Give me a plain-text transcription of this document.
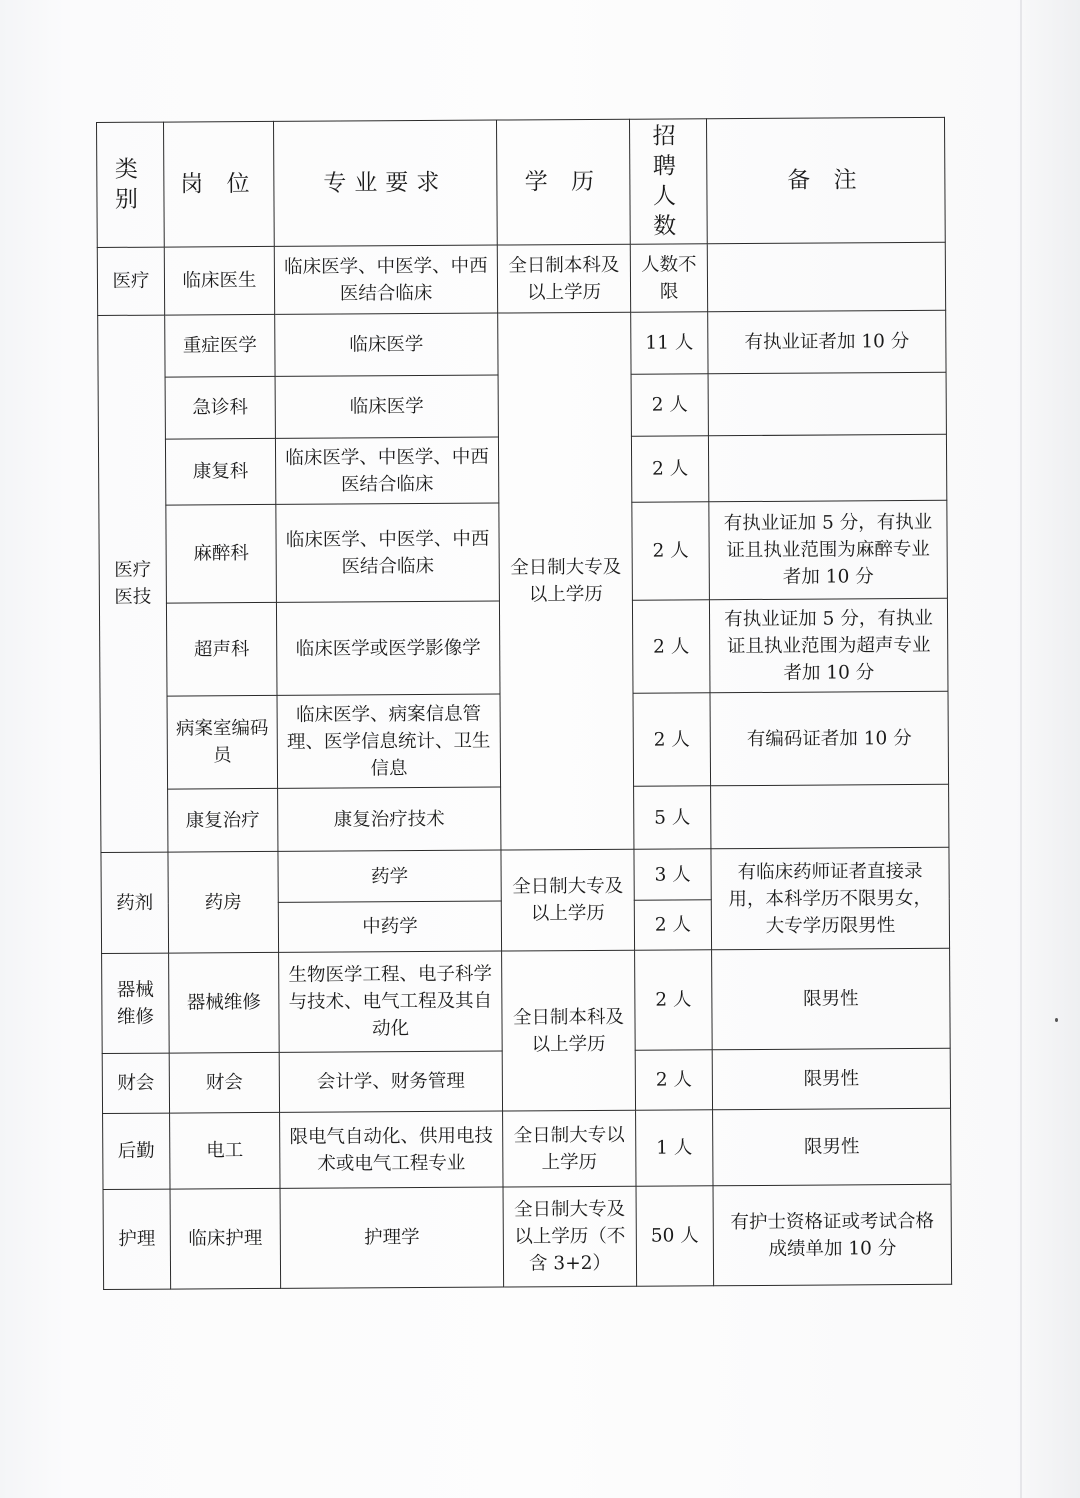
类别	岗 位	专业要求	学 历	招聘人数	备 注
医疗	临床医生	临床医学、中医学、中西医结合临床	全日制本科及以上学历	人数不限	
医疗医技	重症医学	临床医学	全日制大专及以上学历	11 人	有执业证者加 10 分
	急诊科	临床医学		2 人	
	康复科	临床医学、中医学、中西医结合临床		2 人	
	麻醉科	临床医学、中医学、中西医结合临床		2 人	有执业证加 5 分，有执业证且执业范围为麻醉专业者加 10 分
	超声科	临床医学或医学影像学		2 人	有执业证加 5 分，有执业证且执业范围为超声专业者加 10 分
	病案室编码员	临床医学、病案信息管理、医学信息统计、卫生信息		2 人	有编码证者加 10 分
	康复治疗	康复治疗技术		5 人	
药剂	药房	药学	全日制大专及以上学历	3 人	有临床药师证者直接录用，本科学历不限男女，大专学历限男性
		中药学		2 人	
器械维修	器械维修	生物医学工程、电子科学与技术、电气工程及其自动化	全日制本科及以上学历	2 人	限男性
财会	财会	会计学、财务管理		2 人	限男性
后勤	电工	限电气自动化、供用电技术或电气工程专业	全日制大专以上学历	1 人	限男性
护理	临床护理	护理学	全日制大专及以上学历（不含 3+2）	50 人	有护士资格证或考试合格成绩单加 10 分
